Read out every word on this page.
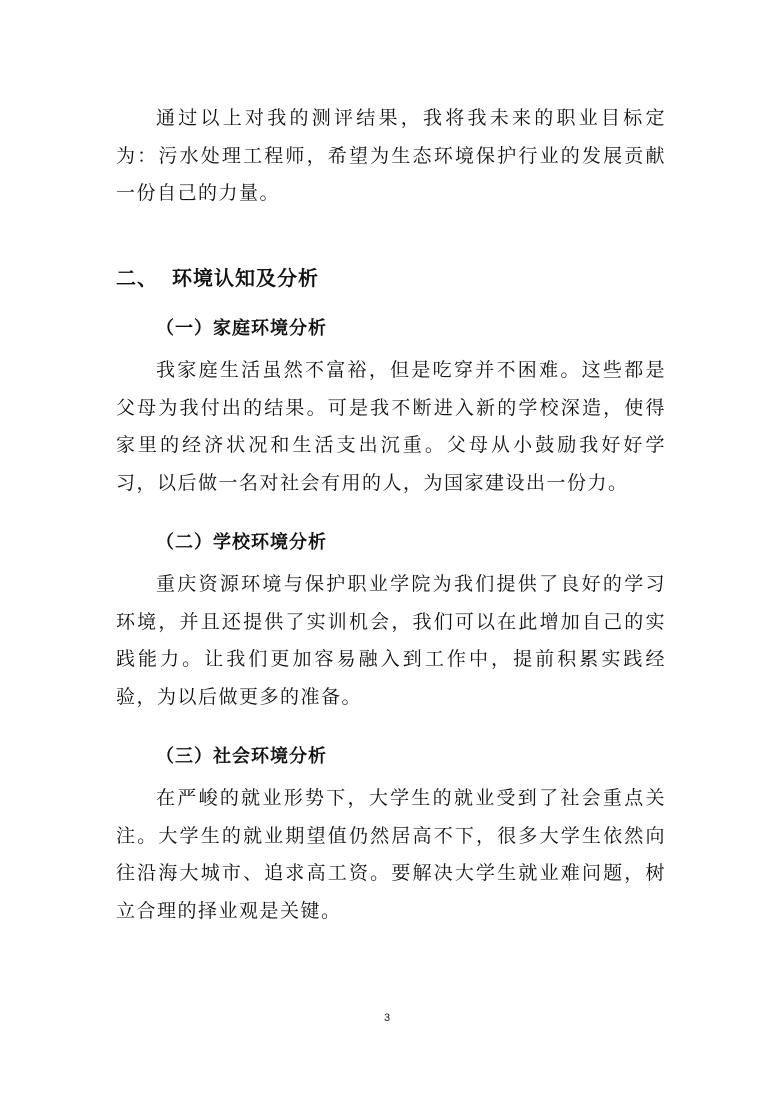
通过以上对我的测评结果，我将我未来的职业目标定为：污水处理工程师，希望为生态环境保护行业的发展贡献一份自己的力量。

二、 环境认知及分析
（一）家庭环境分析

我家庭生活虽然不富裕，但是吃穿并不困难。这些都是父母为我付出的结果。可是我不断进入新的学校深造，使得家里的经济状况和生活支出沉重。父母从小鼓励我好好学习，以后做一名对社会有用的人，为国家建设出一份力。

（二）学校环境分析

重庆资源环境与保护职业学院为我们提供了良好的学习环境，并且还提供了实训机会，我们可以在此增加自己的实践能力。让我们更加容易融入到工作中，提前积累实践经验，为以后做更多的准备。

（三）社会环境分析

在严峻的就业形势下，大学生的就业受到了社会重点关注。大学生的就业期望值仍然居高不下，很多大学生依然向往沿海大城市、追求高工资。要解决大学生就业难问题，树立合理的择业观是关键。

3
